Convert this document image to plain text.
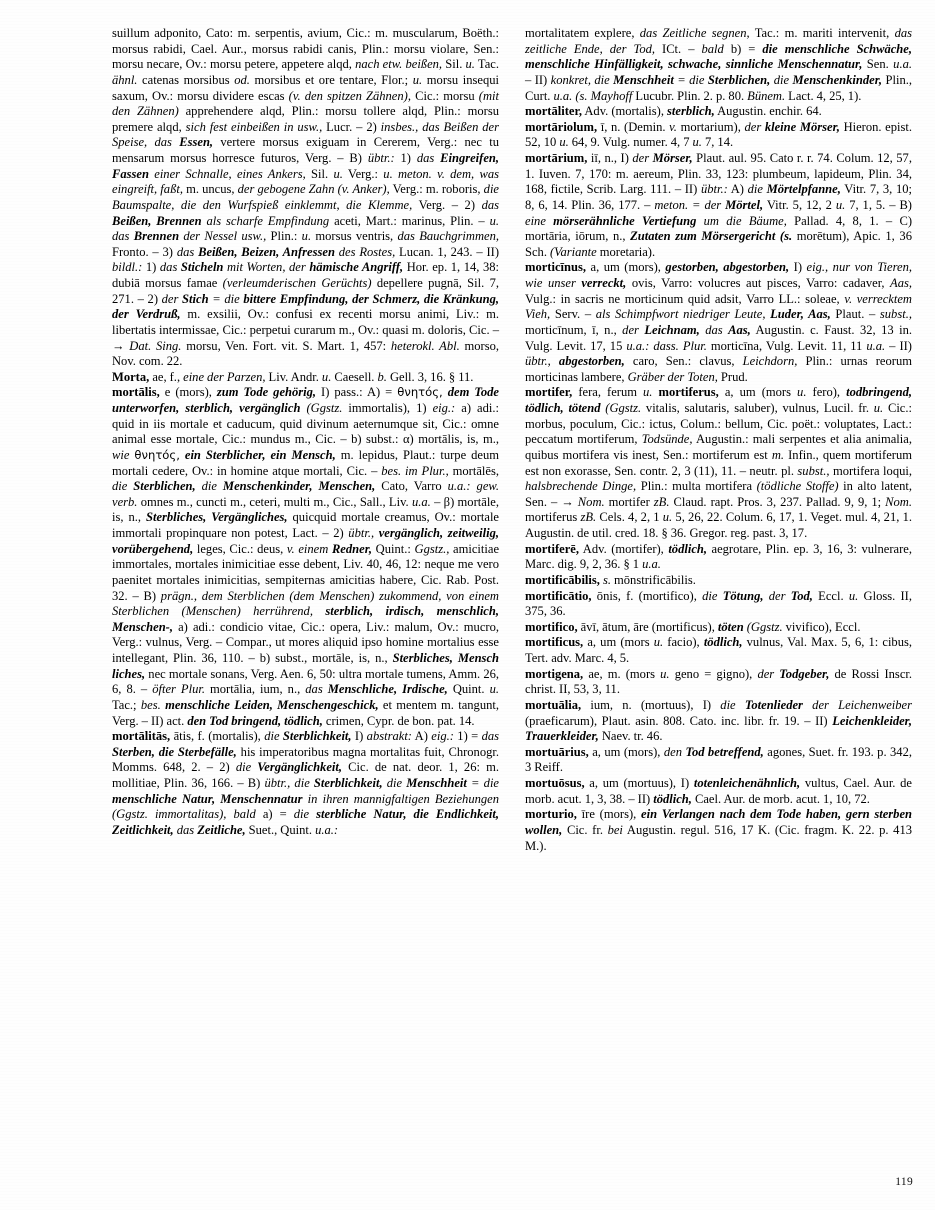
suillum adponito, Cato: m. serpentis, avium, Cic.: m. muscularum, Boëth.: morsus rabidi, Cael. Aur., morsus rabidi canis, Plin.: morsu violare, Sen.: morsu necare, Ov.: morsu petere, appetere alqd, nach etw. beißen, Sil. u. Tac. ähnl. catenas morsibus od. morsibus et ore tentare, Flor.; u. morsu insequi saxum, Ov.: morsu dividere escas (v. den spitzen Zähnen), Cic.: morsu (mit den Zähnen) apprehendere alqd, Plin.: morsu tollere alqd, Plin.: morsu premere alqd, sich fest einbeißen in usw., Lucr. – 2) insbes., das Beißen der Speise, das Essen, vertere morsus exiguam in Cererem, Verg.: nec tu mensarum morsus horresce futuros, Verg. – B) übtr.: 1) das Eingreifen, Fassen einer Schnalle, eines Ankers, Sil. u. Verg.: u. meton. v. dem, was eingreift, faßt, m. uncus, der gebogene Zahn (v. Anker), Verg.: m. roboris, die Baumspalte, die den Wurfspieß einklemmt, die Klemme, Verg. – 2) das Beißen, Brennen als scharfe Empfindung aceti, Mart.: marinus, Plin. – u. das Brennen der Nessel usw., Plin.: u. morsus ventris, das Bauchgrimmen, Fronto. – 3) das Beißen, Beizen, Anfressen des Rostes, Lucan. 1, 243. – II) bildl.: 1) das Sticheln mit Worten, der hämische Angriff, Hor. ep. 1, 14, 38: dubiā morsus famae (verleumderischen Gerüchts) depellere pugnā, Sil. 7, 271. – 2) der Stich = die bittere Empfindung, der Schmerz, die Kränkung, der Verdruß, m. exsilii, Ov.: confusi ex recenti morsu animi, Liv.: m. libertatis intermissae, Cic.: perpetui curarum m., Ov.: quasi m. doloris, Cic. – → Dat. Sing. morsu, Ven. Fort. vit. S. Mart. 1, 457: heterokl. Abl. morso, Nov. com. 22.

Morta, ae, f., eine der Parzen, Liv. Andr. u. Caesell. b. Gell. 3, 16. § 11.

mortālis, e (mors), zum Tode gehörig, I) pass.: A) = θνητός, dem Tode unterworfen, sterblich, vergänglich (Ggstz. immortalis), 1) eig.: a) adi.: quid in iis mortale et caducum, quid divinum aeternumque sit, Cic.: omne animal esse mortale, Cic.: mundus m., Cic. – b) subst.: α) mortālis, is, m., wie θνητός, ein Sterblicher, ein Mensch, m. lepidus, Plaut.: turpe deum mortali cedere, Ov.: in homine atque mortali, Cic. – bes. im Plur., mortālēs, die Sterblichen, die Menschenkinder, Menschen, Cato, Varro u.a.: gew. verb. omnes m., cuncti m., ceteri, multi m., Cic., Sall., Liv. u.a. – β) mortāle, is, n., Sterbliches, Vergängliches, quicquid mortale creamus, Ov.: mortale immortali propinquare non potest, Lact. – 2) übtr., vergänglich, zeitweilig, vorübergehend, leges, Cic.: deus, v. einem Redner, Quint.: Ggstz., amicitiae immortales, mortales inimicitiae esse debent, Liv. 40, 46, 12: neque me vero paenitet mortales inimicitias, sempiternas amicitias habere, Cic. Rab. Post. 32. – B) prägn., dem Sterblichen (dem Menschen) zukommend, von einem Sterblichen (Menschen) herrührend, sterblich, irdisch, menschlich, Menschen-, a) adi.: condicio vitae, Cic.: opera, Liv.: malum, Ov.: mucro, Verg.: vulnus, Verg. – Compar., ut mores aliquid ipso homine mortalius esse intellegant, Plin. 36, 110. – b) subst., mortāle, is, n., Sterbliches, Mensch liches, nec mortale sonans, Verg. Aen. 6, 50: ultra mortale tumens, Amm. 26, 6, 8. – öfter Plur. mortālia, ium, n., das Menschliche, Irdische, Quint. u. Tac.; bes. menschliche Leiden, Menschengeschick, et mentem m. tangunt, Verg. – II) act. den Tod bringend, tödlich, crimen, Cypr. de bon. pat. 14.

mortālitās, ātis, f. (mortalis), die Sterblichkeit, I) abstrakt: A) eig.: 1) = das Sterben, die Sterbefälle, his imperatoribus magna mortalitas fuit, Chronogr. Momms. 648, 2. – 2) die Vergänglichkeit, Cic. de nat. deor. 1, 26: m. mollitiae, Plin. 36, 166. – B) übtr., die Sterblichkeit, die Menschheit = die menschliche Natur, Menschennatur in ihren mannigfaltigen Beziehungen (Ggstz. immortalitas), bald a) = die sterbliche Natur, die Endlichkeit, Zeitlichkeit, das Zeitliche, Suet., Quint. u.a.:

mortalitatem explere, das Zeitliche segnen, Tac.: m. mariti intervenit, das zeitliche Ende, der Tod, ICt. – bald b) = die menschliche Schwäche, menschliche Hinfälligkeit, schwache, sinnliche Menschennatur, Sen. u.a. – II) konkret, die Menschheit = die Sterblichen, die Menschenkinder, Plin., Curt. u.a. (s. Mayhoff Lucubr. Plin. 2. p. 80. Bünem. Lact. 4, 25, 1).

mortāliter, Adv. (mortalis), sterblich, Augustin. enchir. 64.

mortāriolum, ī, n. (Demin. v. mortarium), der kleine Mörser, Hieron. epist. 52, 10 u. 64, 9. Vulg. numer. 4, 7 u. 7, 14.

mortārium, iī, n., I) der Mörser, Plaut. aul. 95. Cato r. r. 74. Colum. 12, 57, 1. Iuven. 7, 170: m. aereum, Plin. 33, 123: plumbeum, lapideum, Plin. 34, 168, fictile, Scrib. Larg. 111. – II) übtr.: A) die Mörtelpfanne, Vitr. 7, 3, 10; 8, 6, 14. Plin. 36, 177. – meton. = der Mörtel, Vitr. 5, 12, 2 u. 7, 1, 5. – B) eine mörserähnliche Vertiefung um die Bäume, Pallad. 4, 8, 1. – C) mortāria, iōrum, n., Zutaten zum Mörsergericht (s. morētum), Apic. 1, 36 Sch. (Variante moretaria).

morticīnus, a, um (mors), gestorben, abgestorben, I) eig., nur von Tieren, wie unser verreckt, ovis, Varro: volucres aut pisces, Varro: cadaver, Aas, Vulg.: in sacris ne morticinum quid adsit, Varro LL.: soleae, v. verrecktem Vieh, Serv. – als Schimpfwort niedriger Leute, Luder, Aas, Plaut. – subst., morticīnum, ī, n., der Leichnam, das Aas, Augustin. c. Faust. 32, 13 in. Vulg. Levit. 17, 15 u.a.: dass. Plur. morticīna, Vulg. Levit. 11, 11 u.a. – II) übtr., abgestorben, caro, Sen.: clavus, Leichdorn, Plin.: urnas reorum morticinas lambere, Gräber der Toten, Prud.

mortifer, fera, ferum u. mortiferus, a, um (mors u. fero), todbringend, tödlich, tötend (Ggstz. vitalis, salutaris, saluber), vulnus, Lucil. fr. u. Cic.: morbus, poculum, Cic.: ictus, Colum.: bellum, Cic. poët.: voluptates, Lact.: peccatum mortiferum, Todsünde, Augustin.: mali serpentes et alia animalia, quibus mortifera vis inest, Sen.: mortiferum est m. Infin., quem mortiferum est non exorasse, Sen. contr. 2, 3 (11), 11. – neutr. pl. subst., mortifera loqui, halsbrechende Dinge, Plin.: multa mortifera (tödliche Stoffe) in alto latent, Sen. – → Nom. mortifer zB. Claud. rapt. Pros. 3, 237. Pallad. 9, 9, 1; Nom. mortiferus zB. Cels. 4, 2, 1 u. 5, 26, 22. Colum. 6, 17, 1. Veget. mul. 4, 21, 1. Augustin. de util. cred. 18. § 36. Gregor. reg. past. 3, 17.

mortiferē, Adv. (mortifer), tödlich, aegrotare, Plin. ep. 3, 16, 3: vulnerare, Marc. dig. 9, 2, 36. § 1 u.a.

mortificābilis, s. mōnstrificābilis.

mortificātio, ōnis, f. (mortifico), die Tötung, der Tod, Eccl. u. Gloss. II, 375, 36.

mortifico, āvī, ātum, āre (mortificus), töten (Ggstz. vivifico), Eccl.

mortificus, a, um (mors u. facio), tödlich, vulnus, Val. Max. 5, 6, 1: cibus, Tert. adv. Marc. 4, 5.

mortigena, ae, m. (mors u. geno = gigno), der Todgeber, de Rossi Inscr. christ. II, 53, 3, 11.

mortuālia, ium, n. (mortuus), I) die Totenlieder der Leichenweiber (praeficarum), Plaut. asin. 808. Cato. inc. libr. fr. 19. – II) Leichenkleider, Trauerkleider, Naev. tr. 46.

mortuārius, a, um (mors), den Tod betreffend, agones, Suet. fr. 193. p. 342, 3 Reiff.

mortuōsus, a, um (mortuus), I) totenleichenähnlich, vultus, Cael. Aur. de morb. acut. 1, 3, 38. – II) tödlich, Cael. Aur. de morb. acut. 1, 10, 72.

morturio, īre (mors), ein Verlangen nach dem Tode haben, gern sterben wollen, Cic. fr. bei Augustin. regul. 516, 17 K. (Cic. fragm. K. 22. p. 413 M.).

119
